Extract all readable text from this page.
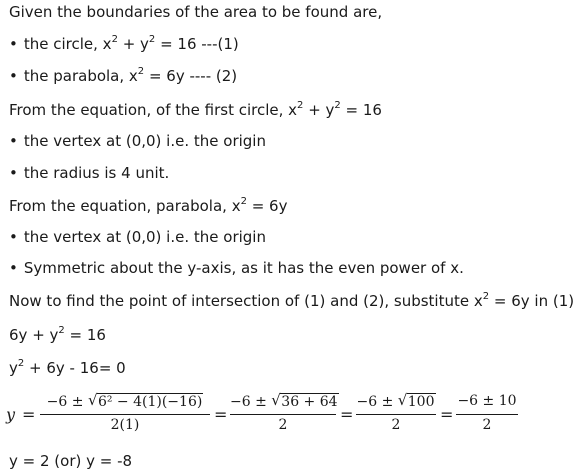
Given the boundaries of the area to be found are,
• the circle, $x^2 + y^2 = 16$ ---(1)
• the parabola, $x^2 = 6y$ ---- (2)
From the equation, of the first circle, $x^2 + y^2 = 16$
• the vertex at (0,0) i.e. the origin
• the radius is 4 unit.
From the equation, parabola, $x^2 = 6y$
• the vertex at (0,0) i.e. the origin
• Symmetric about the y-axis, as it has the even power of x.
Now to find the point of intersection of (1) and (2), substitute $x^2 = 6y$ in (1)
$6y + y^2 = 16$
$y^2 + 6y - 16= 0$
y =
−6 ± √ 6² − 4(1)(−16)
2(1)
=
−6 ± √ 36 + 64
2
=
−6 ± √ 100
2
=
−6 ± 10
2
y = 2 (or) y = -8
